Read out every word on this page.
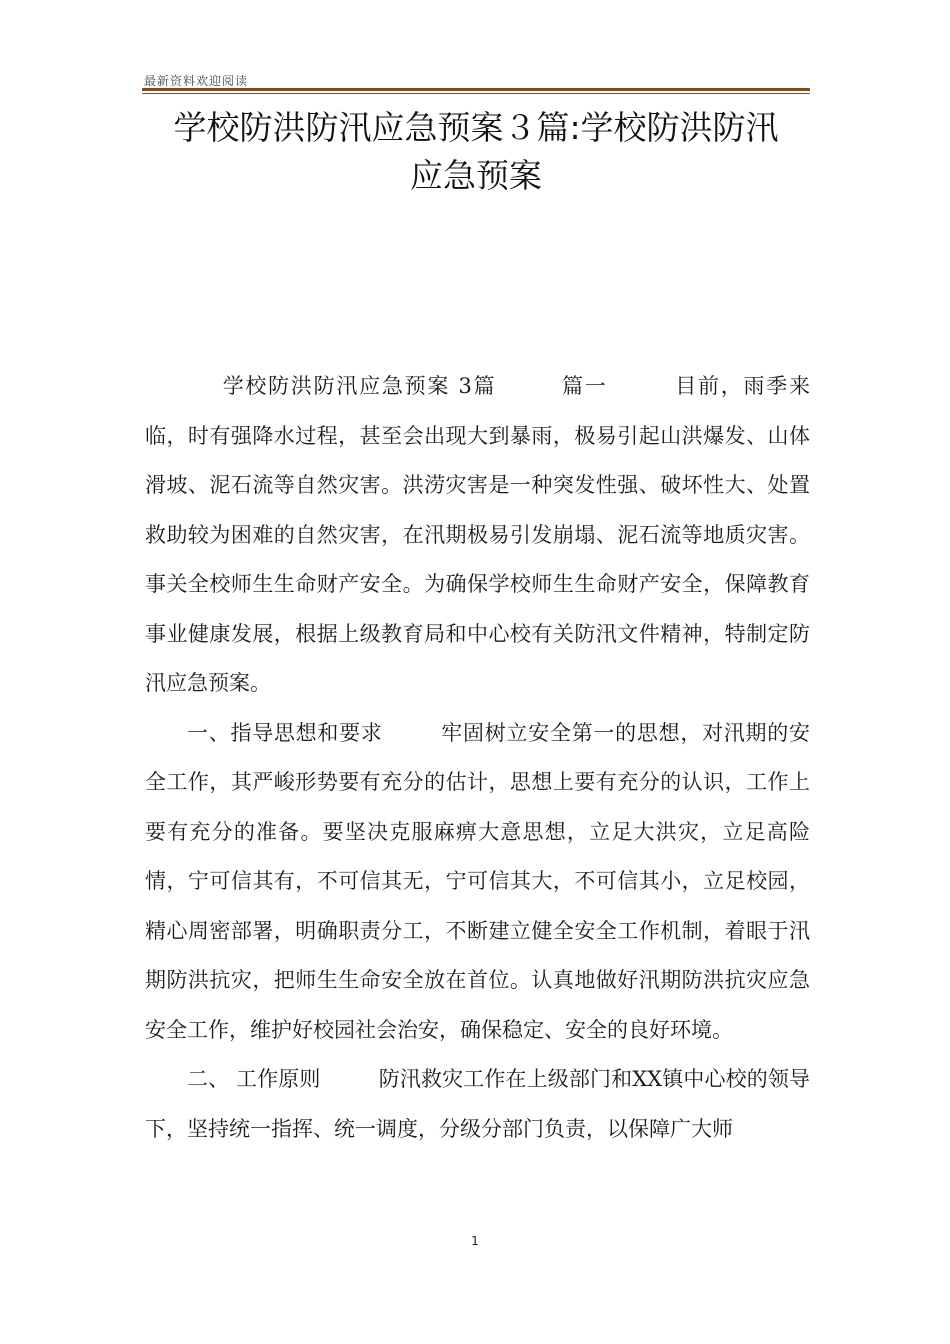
最新资料欢迎阅读
学校防洪防汛应急预案３篇:学校防洪防汛
应急预案

学校防洪防汛应急预案 3篇	篇一	目前，雨季来临，时有强降水过程，甚至会出现大到暴雨，极易引起山洪爆发、山体滑坡、泥石流等自然灾害。洪涝灾害是一种突发性强、破坏性大、处置救助较为困难的自然灾害，在汛期极易引发崩塌、泥石流等地质灾害。事关全校师生生命财产安全。为确保学校师生生命财产安全，保障教育事业健康发展，根据上级教育局和中心校有关防汛文件精神，特制定防汛应急预案。

一、指导思想和要求	牢固树立安全第一的思想，对汛期的安全工作，其严峻形势要有充分的估计，思想上要有充分的认识，工作上要有充分的准备。要坚决克服麻痹大意思想，立足大洪灾，立足高险情，宁可信其有，不可信其无，宁可信其大，不可信其小，立足校园，精心周密部署，明确职责分工，不断建立健全安全工作机制，着眼于汛期防洪抗灾，把师生生命安全放在首位。认真地做好汛期防洪抗灾应急安全工作，维护好校园社会治安，确保稳定、安全的良好环境。

二、 工作原则	防汛救灾工作在上级部门和XX镇中心校的领导下，坚持统一指挥、统一调度，分级分部门负责，以保障广大师

1
